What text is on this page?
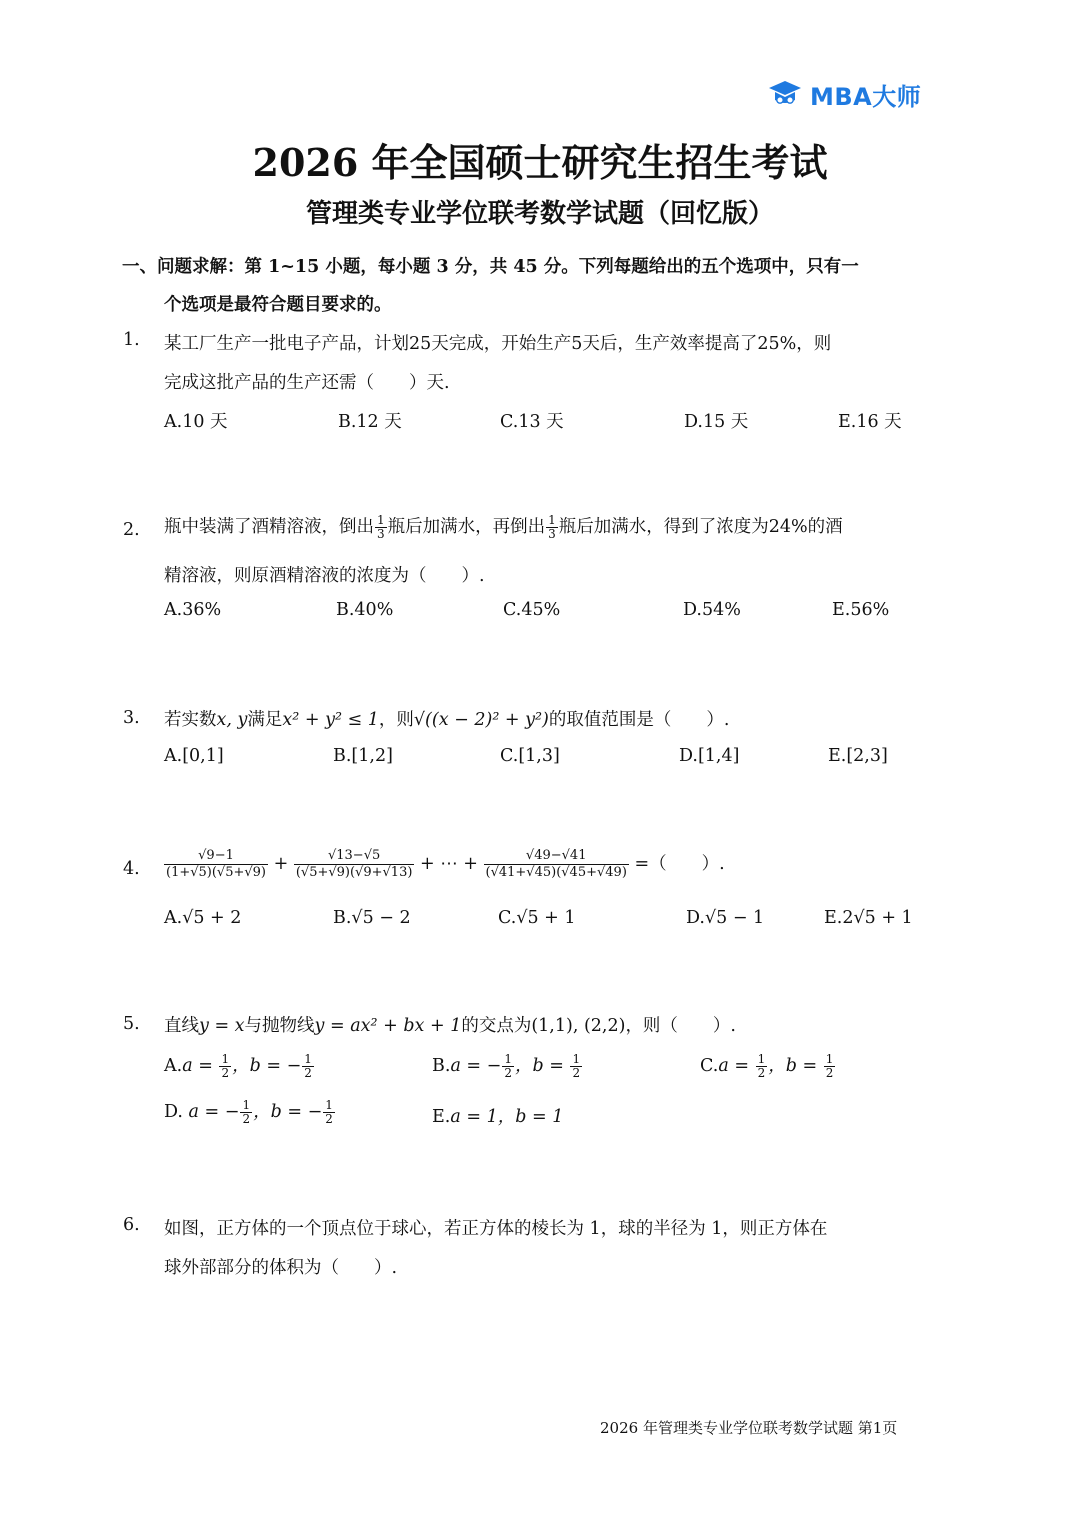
MBA大师
2026 年全国硕士研究生招生考试
管理类专业学位联考数学试题（回忆版）
一、问题求解：第 1~15 小题，每小题 3 分，共 45 分。下列每题给出的五个选项中，只有一
个选项是最符合题目要求的。
1. 某工厂生产一批电子产品，计划25天完成，开始生产5天后，生产效率提高了25%，则
完成这批产品的生产还需（　　）天.
A.10 天	B.12 天	C.13 天	D.15 天	E.16 天
2. 瓶中装满了酒精溶液，倒出 $\frac{1}{3}$ 瓶后加满水，再倒出 $\frac{1}{3}$ 瓶后加满水，得到了浓度为24%的酒
精溶液，则原酒精溶液的浓度为（　　）.
A.36%	B.40%	C.45%	D.54%	E.56%
3. 若实数x, y满足x² + y² ≤ 1，则√((x − 2)² + y²)的取值范围是（　　）.
A.[0,1]	B.[1,2]	C.[1,3]	D.[1,4]	E.[2,3]
4. $\frac{√9-1}{(1+√5)(√5+√9)} + \frac{√13-√5}{(√5+√9)(√9+√13)}$ + ⋯ + $\frac{√49-√41}{(√41+√45)(√45+√49)}$ =（　　）.
A.√5 + 2	B.√5 − 2	C.√5 + 1	D.√5 − 1	E.2√5 + 1
5. 直线y = x与抛物线y = ax² + bx + 1的交点为(1,1), (2,2)，则（　　）.
$A.a = \frac{1}{2}$ ，b = − $\frac{1}{2}$	B.a = − $\frac{1}{2}$ ，$b = \frac{1}{2}$	$C.a = \frac{1}{2}$ ，$b = \frac{1}{2}$
D. a = − $\frac{1}{2}$ ，b = − $\frac{1}{2}$	E.a = 1，b = 1
6. 如图，正方体的一个顶点位于球心，若正方体的棱长为 1，球的半径为 1，则正方体在
球外部部分的体积为（　　）.
2026 年管理类专业学位联考数学试题 第1页
